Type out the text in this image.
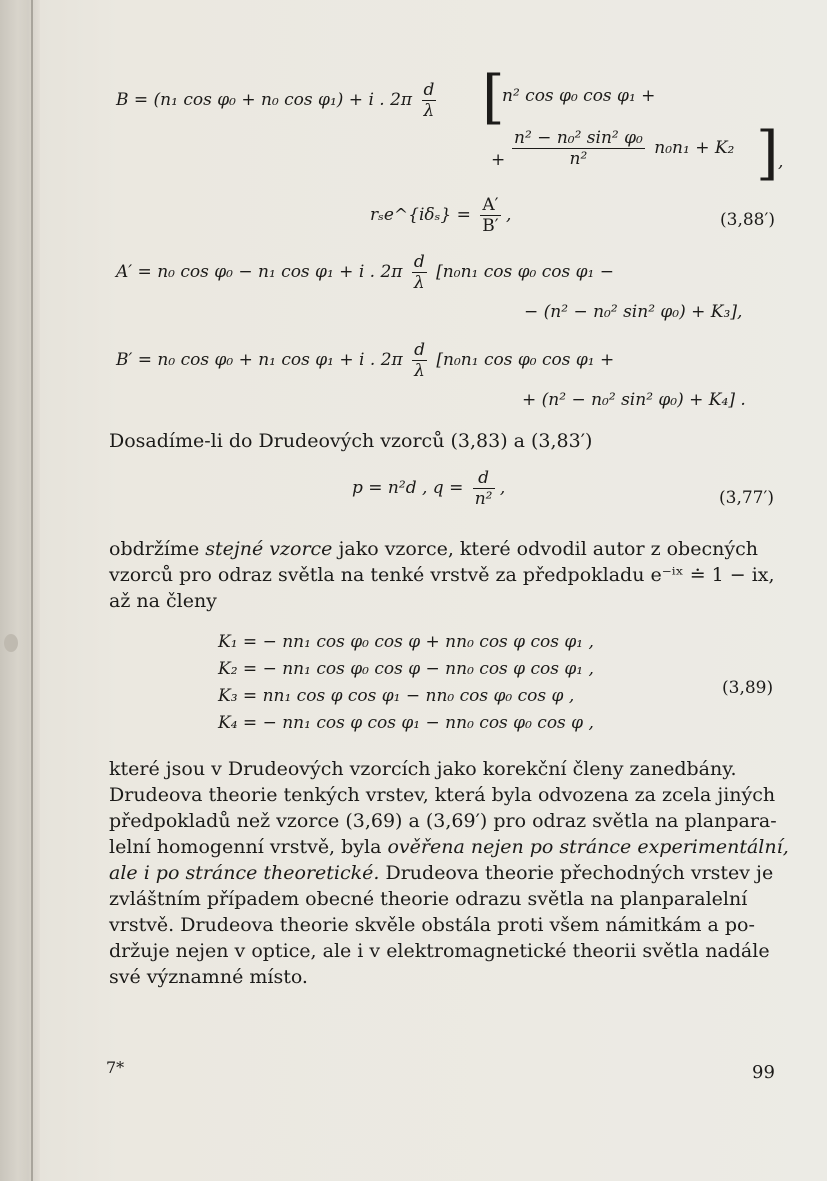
B = (n₁ cos φ₀ + n₀ cos φ₁) + i . $2\pi \frac{d}{\lambda}$ [
n² cos φ₀ cos φ₁ +
+ $\frac{\text{n² − n₀² sin² φ₀}}{\text{n²}} n_0n_1 + K_2$ ] ,
rₛe^{iδₛ} = $\frac{A'}{B'}$ ,	(3,88′)
A′ = n₀ cos φ₀ − n₁ cos φ₁ + i . $2\pi \frac{d}{\lambda} [n_0n_1$ cos φ₀ cos φ₁ −
− (n² − n₀² sin² φ₀) + K₃],
B′ = n₀ cos φ₀ + n₁ cos φ₁ + i . $2\pi \frac{d}{\lambda} [n_0n_1$ cos φ₀ cos φ₁ +
+ (n² − n₀² sin² φ₀) + K₄] .
Dosadíme-li do Drudeových vzorců (3,83) a (3,83′)
p = n²d , $q = \frac{d}{\text{n²}}$ ,	(3,77′)
obdržíme stejné vzorce jako vzorce, které odvodil autor z obecných
vzorců pro odraz světla na tenké vrstvě za předpokladu e⁻ⁱˣ ≐ 1 − ix,
až na členy
K₁ = − nn₁ cos φ₀ cos φ + nn₀ cos φ cos φ₁ ,
K₂ = − nn₁ cos φ₀ cos φ − nn₀ cos φ cos φ₁ ,
K₃ = nn₁ cos φ cos φ₁ − nn₀ cos φ₀ cos φ ,
K₄ = − nn₁ cos φ cos φ₁ − nn₀ cos φ₀ cos φ ,
(3,89)
které jsou v Drudeových vzorcích jako korekční členy zanedbány.
Drudeova theorie tenkých vrstev, která byla odvozena za zcela jiných
předpokladů než vzorce (3,69) a (3,69′) pro odraz světla na planpara-
lelní homogenní vrstvě, byla ověřena nejen po stránce experimentální,
ale i po stránce theoretické. Drudeova theorie přechodných vrstev je
zvláštním případem obecné theorie odrazu světla na planparalelní
vrstvě. Drudeova theorie skvěle obstála proti všem námitkám a po-
držuje nejen v optice, ale i v elektromagnetické theorii světla nadále
své významné místo.
7*	99
